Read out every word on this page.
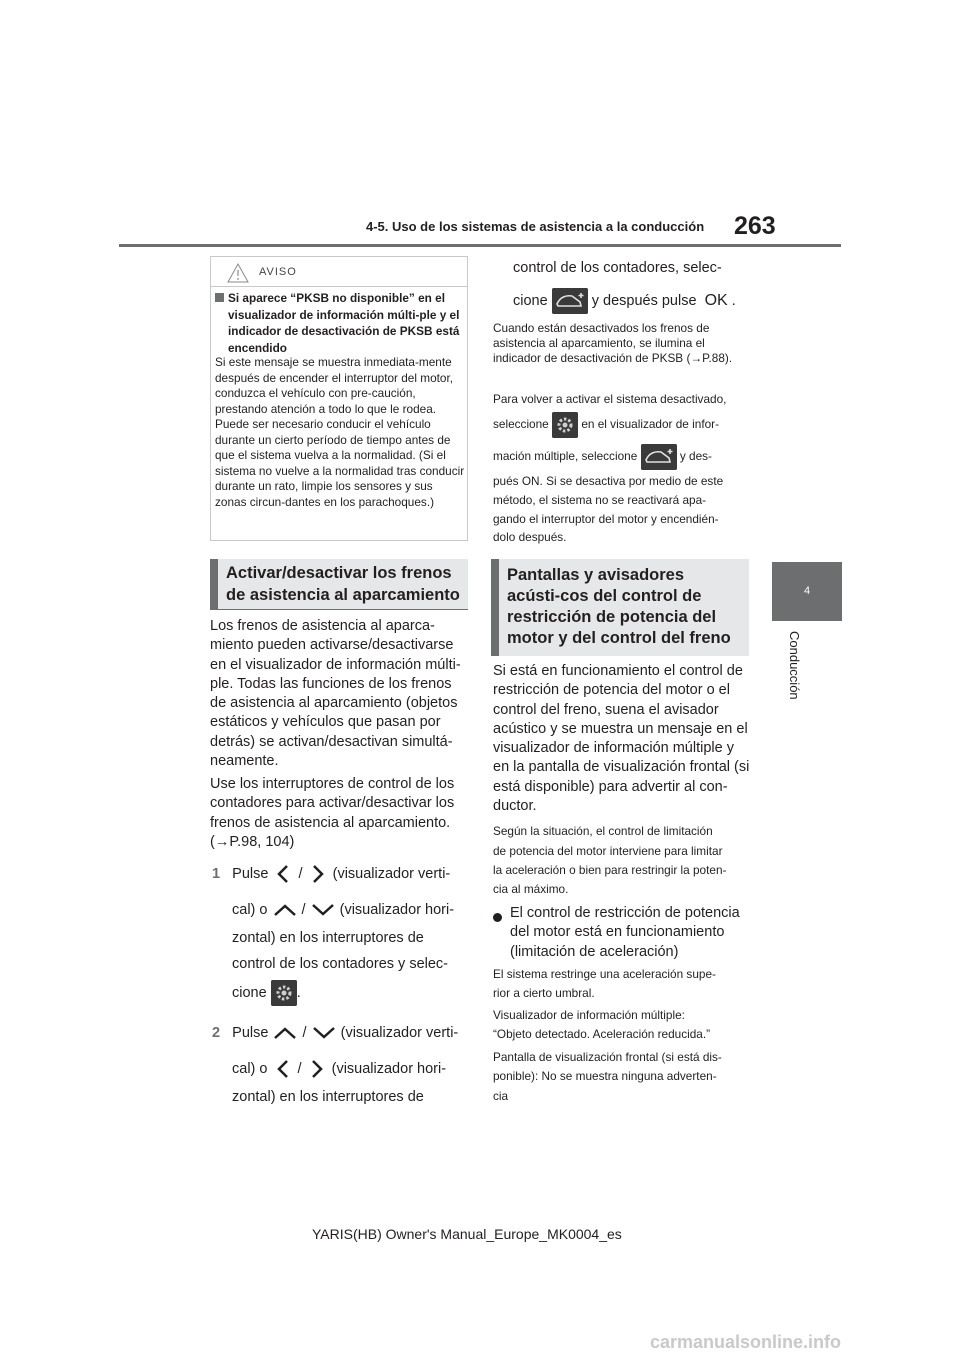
4-5. Uso de los sistemas de asistencia a la conducción 263
4
Conducción
AVISO
Si aparece “PKSB no disponible” en el visualizador de información múlti-ple y el indicador de desactivación de PKSB está encendido
Si este mensaje se muestra inmediata-mente después de encender el interruptor del motor, conduzca el vehículo con pre-caución, prestando atención a todo lo que le rodea. Puede ser necesario conducir el vehículo durante un cierto período de tiempo antes de que el sistema vuelva a la normalidad. (Si el sistema no vuelve a la normalidad tras conducir durante un rato, limpie los sensores y sus zonas circun-dantes en los parachoques.)
Activar/desactivar los frenos de asistencia al aparcamiento
Los frenos de asistencia al aparca-miento pueden activarse/desactivarse en el visualizador de información múlti-ple. Todas las funciones de los frenos de asistencia al aparcamiento (objetos estáticos y vehículos que pasan por detrás) se activan/desactivan simultá-neamente.
Use los interruptores de control de los contadores para activar/desactivar los frenos de asistencia al aparcamiento.
(→P.98, 104)
1 Pulse / (visualizador verti-
cal) o / (visualizador hori-
zontal) en los interruptores de
control de los contadores y selec-
cione .
2 Pulse / (visualizador verti-
cal) o / (visualizador hori-
zontal) en los interruptores de
control de los contadores, selec-
cione	y después pulse OK .
Cuando están desactivados los frenos de asistencia al aparcamiento, se ilumina el indicador de desactivación de PKSB (→P.88).
Para volver a activar el sistema desactivado,
seleccione	en el visualizador de infor-
mación múltiple, seleccione	y des-
pués ON. Si se desactiva por medio de este
método, el sistema no se reactivará apa-
gando el interruptor del motor y encendién-
dolo después.
Pantallas y avisadores acústi-cos del control de restricción de potencia del motor y del control del freno
Si está en funcionamiento el control de restricción de potencia del motor o el control del freno, suena el avisador acústico y se muestra un mensaje en el visualizador de información múltiple y en la pantalla de visualización frontal (si está disponible) para advertir al con-ductor.
Según la situación, el control de limitación
de potencia del motor interviene para limitar
la aceleración o bien para restringir la poten-
cia al máximo.
El control de restricción de potencia del motor está en funcionamiento (limitación de aceleración)
El sistema restringe una aceleración supe-
rior a cierto umbral.
Visualizador de información múltiple:
“Objeto detectado. Aceleración reducida.”
Pantalla de visualización frontal (si está dis-
ponible): No se muestra ninguna adverten-
cia
YARIS(HB) Owner's Manual_Europe_MK0004_es
carmanualsonline.info
